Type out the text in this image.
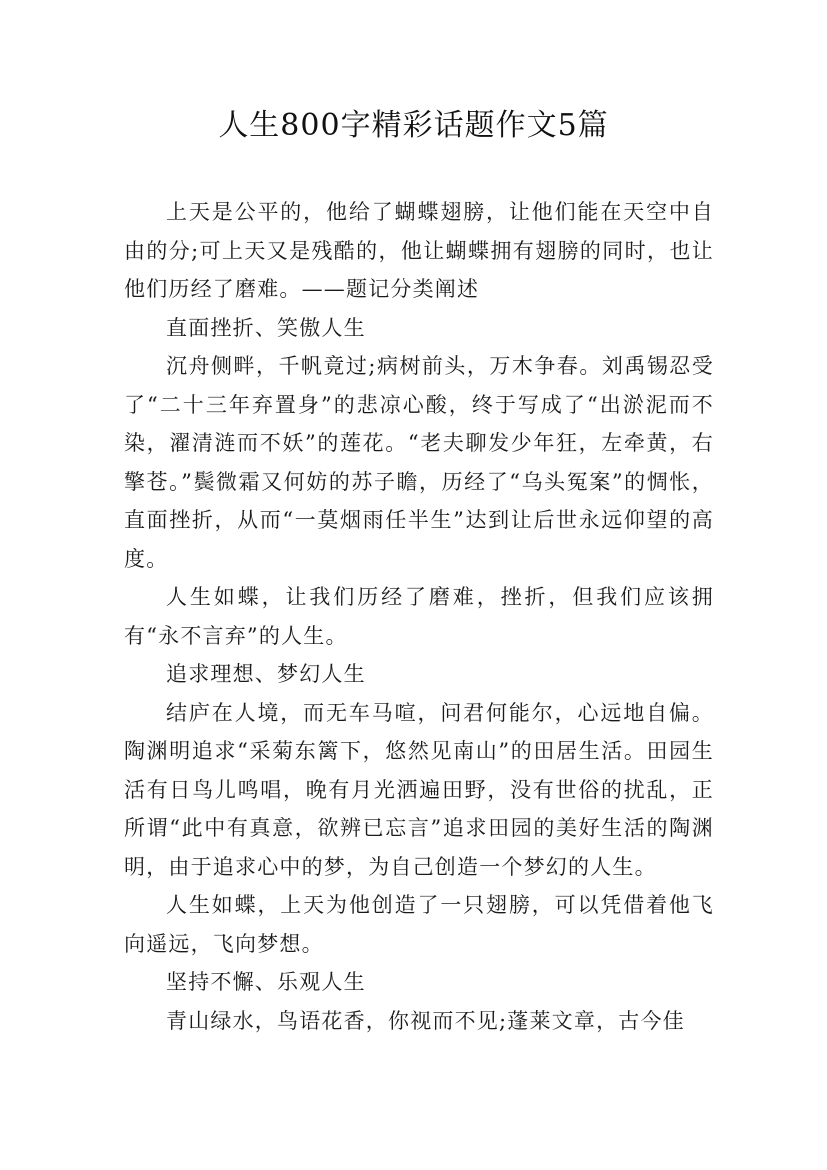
人生800字精彩话题作文5篇

上天是公平的，他给了蝴蝶翅膀，让他们能在天空中自由的分;可上天又是残酷的，他让蝴蝶拥有翅膀的同时，也让他们历经了磨难。——题记分类阐述

直面挫折、笑傲人生

沉舟侧畔，千帆竟过;病树前头，万木争春。刘禹锡忍受了“二十三年弃置身”的悲凉心酸，终于写成了“出淤泥而不染，濯清涟而不妖”的莲花。“老夫聊发少年狂，左牵黄，右擎苍。”鬓微霜又何妨的苏子瞻，历经了“乌头冤案”的惆怅，直面挫折，从而“一莫烟雨任半生”达到让后世永远仰望的高度。

人生如蝶，让我们历经了磨难，挫折，但我们应该拥有“永不言弃”的人生。

追求理想、梦幻人生

结庐在人境，而无车马喧，问君何能尔，心远地自偏。陶渊明追求“采菊东篱下，悠然见南山”的田居生活。田园生活有日鸟儿鸣唱，晚有月光洒遍田野，没有世俗的扰乱，正所谓“此中有真意，欲辨已忘言”追求田园的美好生活的陶渊明，由于追求心中的梦，为自己创造一个梦幻的人生。

人生如蝶，上天为他创造了一只翅膀，可以凭借着他飞向遥远，飞向梦想。

坚持不懈、乐观人生

青山绿水，鸟语花香，你视而不见;蓬莱文章，古今佳
